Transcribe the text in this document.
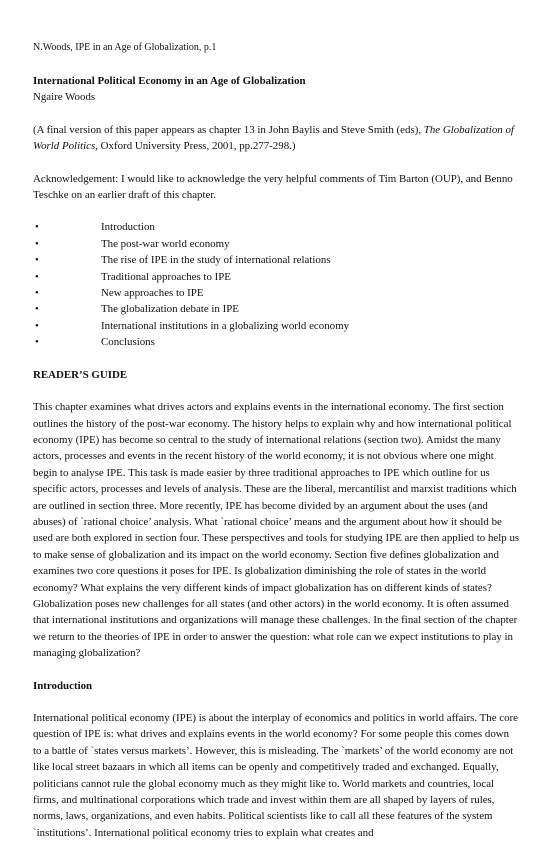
N.Woods, IPE in an Age of Globalization, p.1

International Political Economy in an Age of Globalization

Ngaire Woods

(A final version of this paper appears as chapter 13 in John Baylis and Steve Smith (eds), The Globalization of World Politics, Oxford University Press, 2001, pp.277-298.)

Acknowledgement: I would like to acknowledge the very helpful comments of Tim Barton (OUP), and Benno Teschke on an earlier draft of this chapter.

•	Introduction
•	The post-war world economy
•	The rise of IPE in the study of international relations
•	Traditional approaches to IPE
•	New approaches to IPE
•	The globalization debate in IPE
•	International institutions in a globalizing world economy
•	Conclusions

READER’S GUIDE

This chapter examines what drives actors and explains events in the international economy. The first section outlines the history of the post-war economy. The history helps to explain why and how international political economy (IPE) has become so central to the study of international relations (section two). Amidst the many actors, processes and events in the recent history of the world economy, it is not obvious where one might begin to analyse IPE. This task is made easier by three traditional approaches to IPE which outline for us specific actors, processes and levels of analysis. These are the liberal, mercantilist and marxist traditions which are outlined in section three. More recently, IPE has become divided by an argument about the uses (and abuses) of `rational choice’ analysis. What `rational choice’ means and the argument about how it should be used are both explored in section four. These perspectives and tools for studying IPE are then applied to help us to make sense of globalization and its impact on the world economy. Section five defines globalization and examines two core questions it poses for IPE. Is globalization diminishing the role of states in the world economy? What explains the very different kinds of impact globalization has on different kinds of states? Globalization poses new challenges for all states (and other actors) in the world economy. It is often assumed that international institutions and organizations will manage these challenges. In the final section of the chapter we return to the theories of IPE in order to answer the question: what role can we expect institutions to play in managing globalization?

Introduction

International political economy (IPE) is about the interplay of economics and politics in world affairs. The core question of IPE is: what drives and explains events in the world economy? For some people this comes down to a battle of `states versus markets’. However, this is misleading. The `markets’ of the world economy are not like local street bazaars in which all items can be openly and competitively traded and exchanged. Equally, politicians cannot rule the global economy much as they might like to. World markets and countries, local firms, and multinational corporations which trade and invest within them are all shaped by layers of rules, norms, laws, organizations, and even habits. Political scientists like to call all these features of the system `institutions’. International political economy tries to explain what creates and
